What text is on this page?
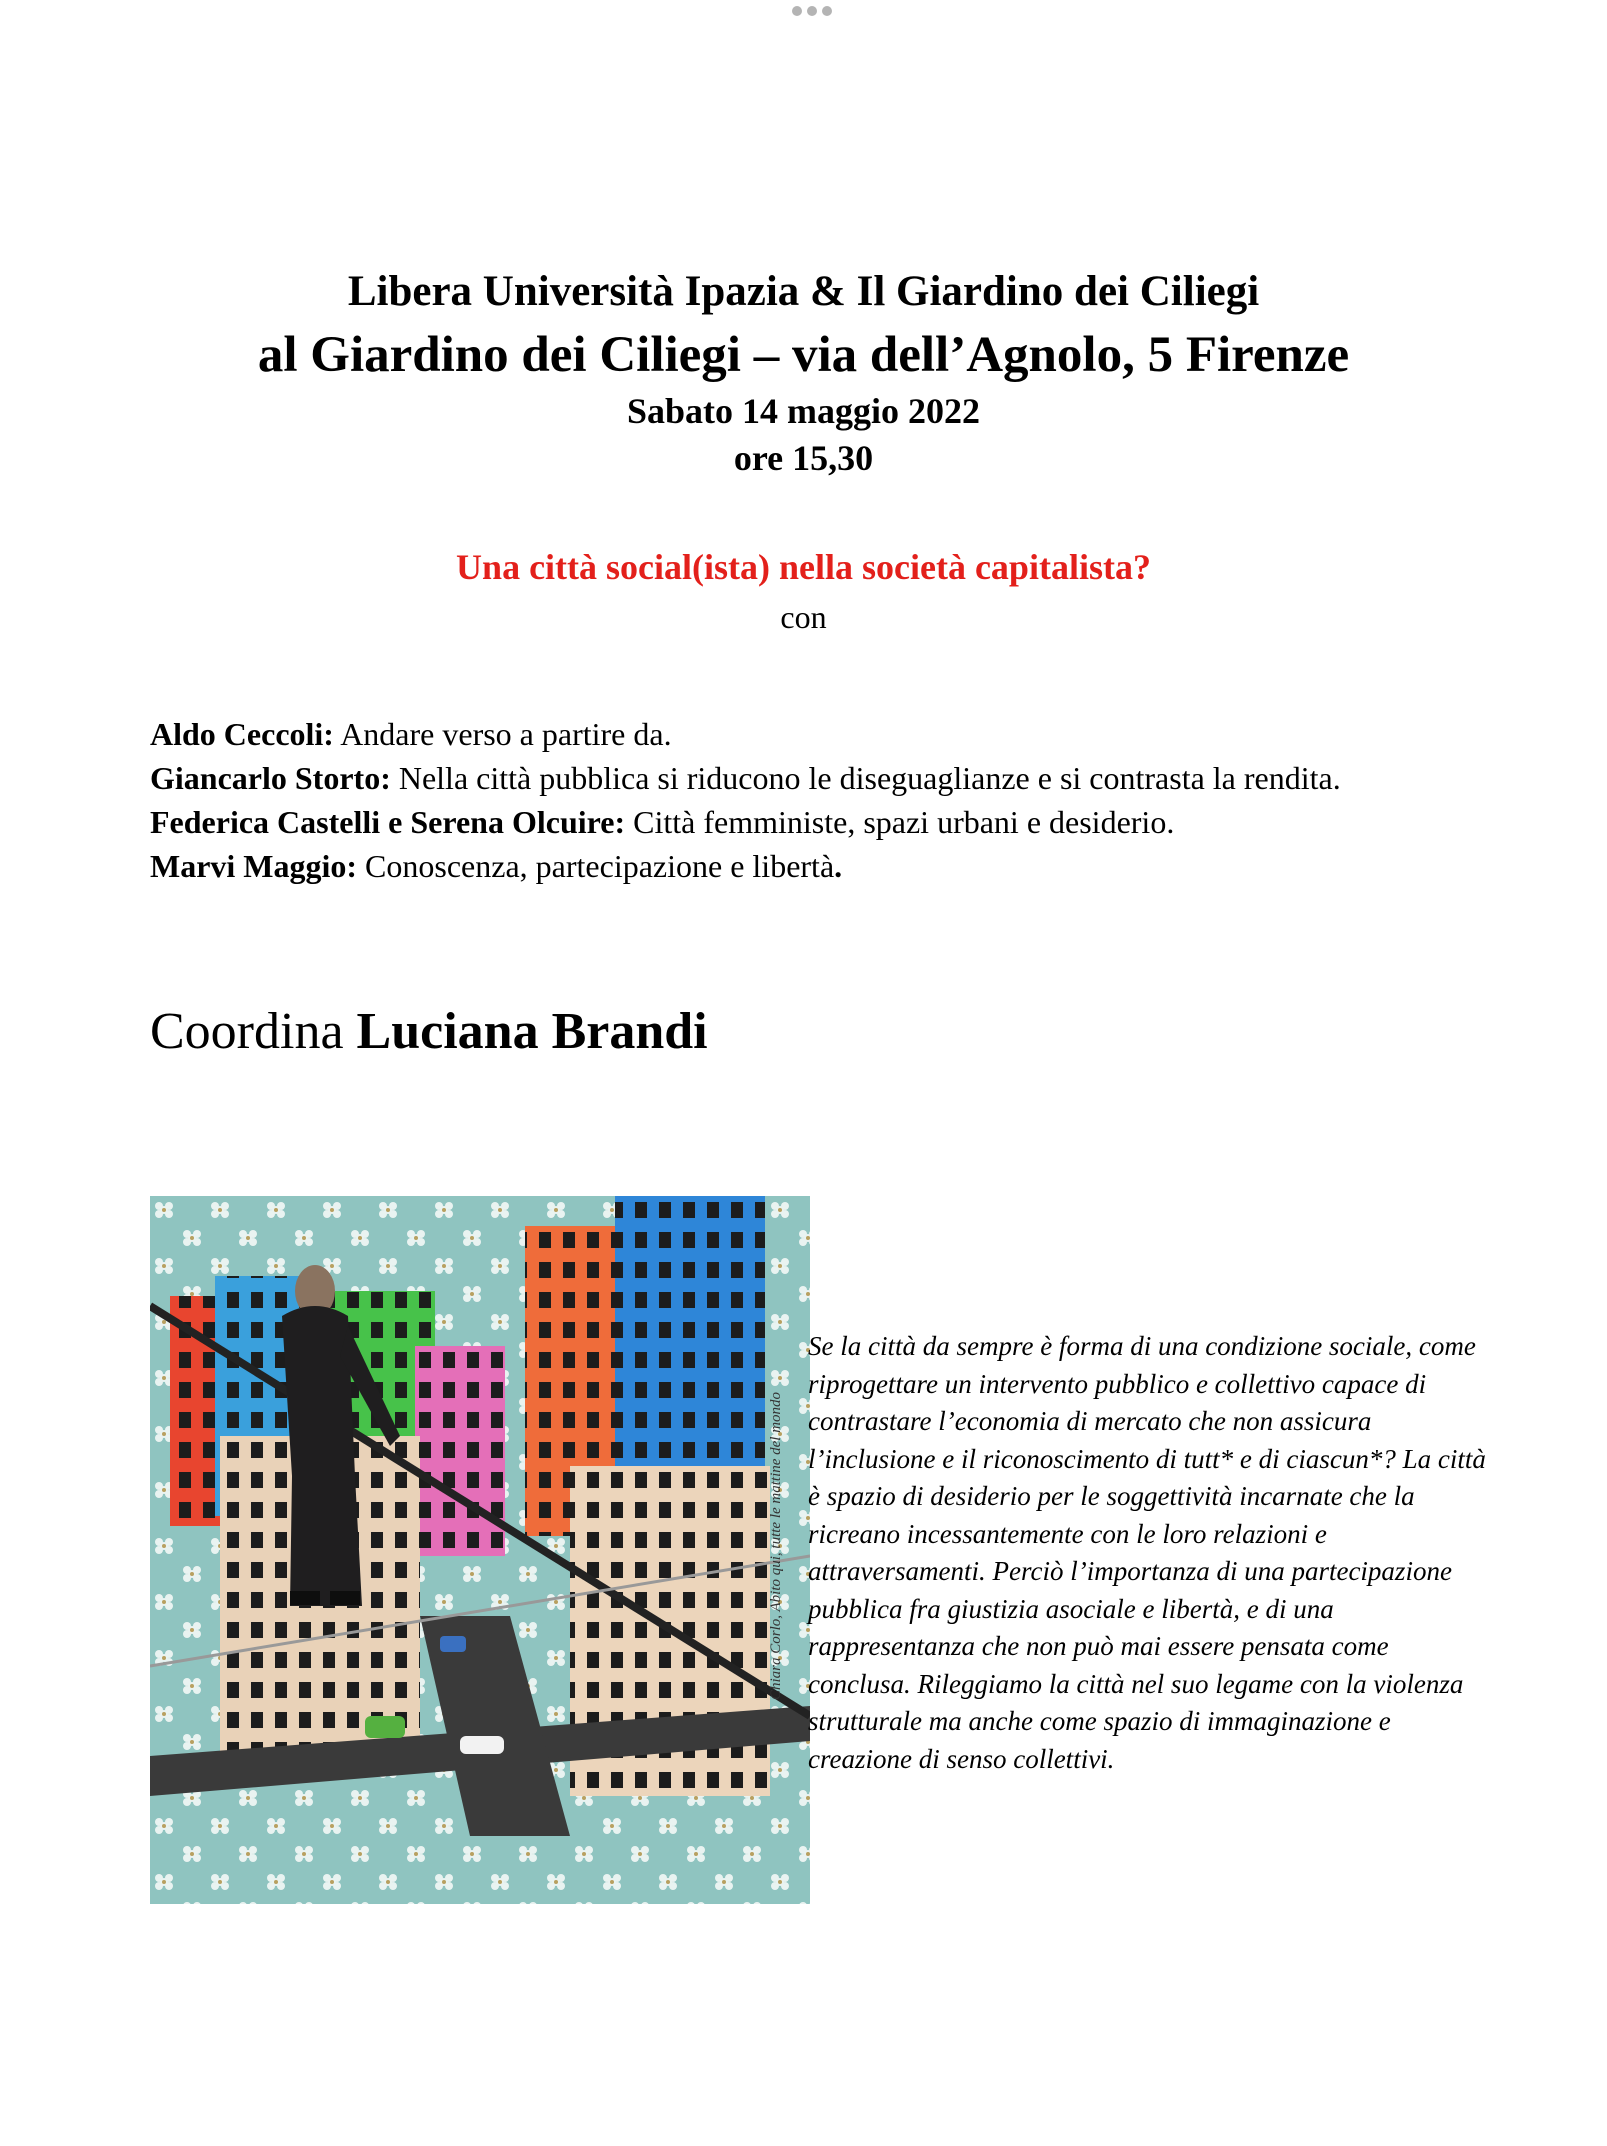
Libera Università Ipazia & Il Giardino dei Ciliegi
al Giardino dei Ciliegi – via dell’Agnolo, 5 Firenze
Sabato 14 maggio 2022
ore 15,30
Una città social(ista) nella società capitalista?
con
Aldo Ceccoli: Andare verso a partire da.
Giancarlo Storto: Nella città pubblica si riducono le diseguaglianze e si contrasta la rendita.
Federica Castelli e Serena Olcuire: Città femministe, spazi urbani e desiderio.
Marvi Maggio: Conoscenza, partecipazione e libertà.
Coordina Luciana Brandi
Chiara Corlo, Abito qui, tutte le mattine del mondo
Se la città da sempre è forma di una condizione sociale, come riprogettare un intervento pubblico e collettivo capace di contrastare l’economia di mercato che non assicura l’inclusione e il riconoscimento di tutt* e di ciascun*? La città è spazio di desiderio per le soggettività incarnate che la ricreano incessantemente con le loro relazioni e attraversamenti. Perciò l’importanza di una partecipazione pubblica fra giustizia asociale e libertà, e di una rappresentanza che non può mai essere pensata come conclusa. Rileggiamo la città nel suo legame con la violenza strutturale ma anche come spazio di immaginazione e creazione di senso collettivi.
